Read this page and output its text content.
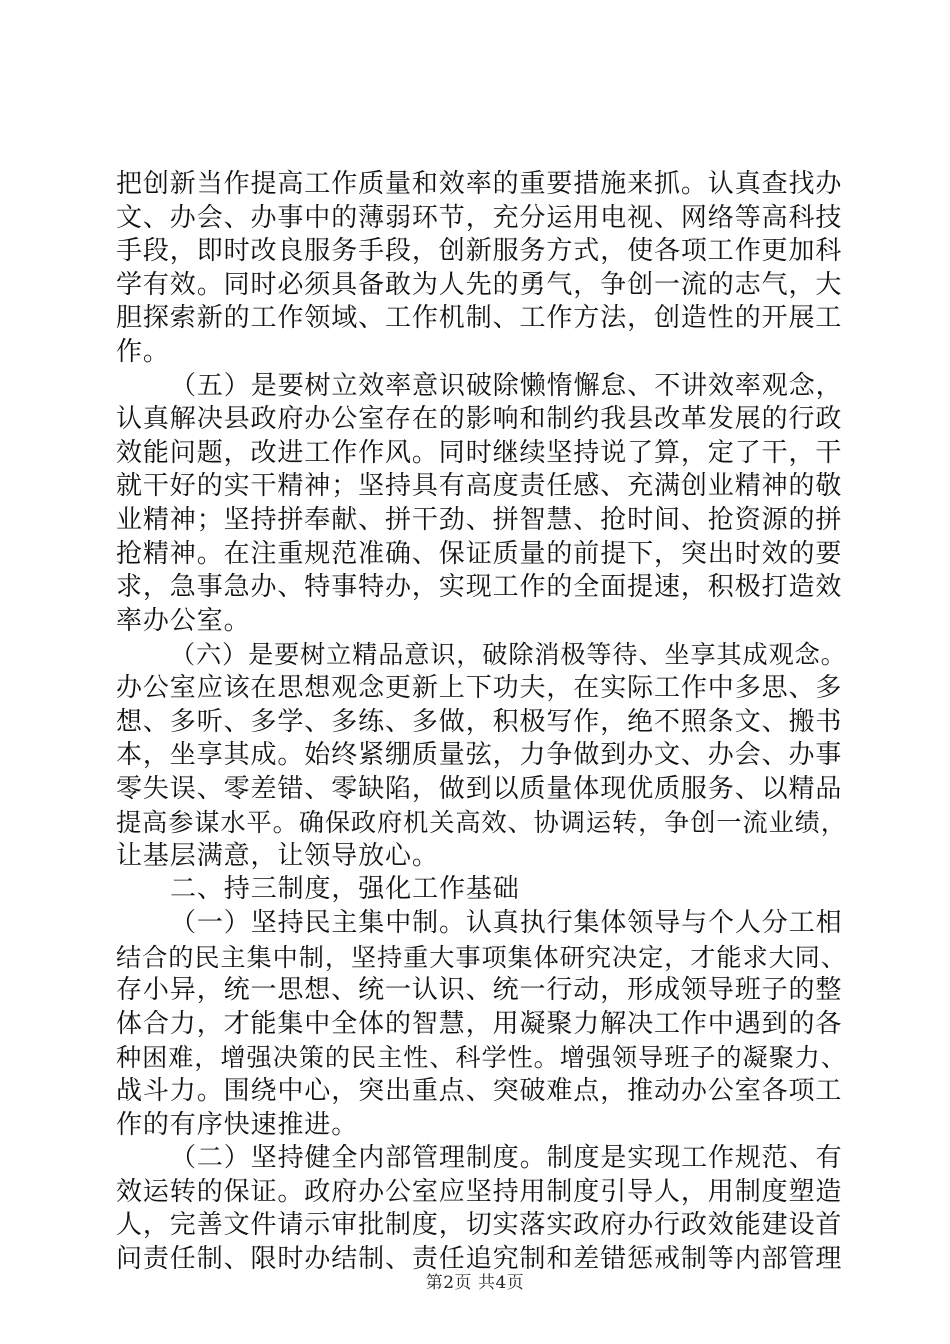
把创新当作提高工作质量和效率的重要措施来抓。认真查找办
文、办会、办事中的薄弱环节，充分运用电视、网络等高科技
手段，即时改良服务手段，创新服务方式，使各项工作更加科
学有效。同时必须具备敢为人先的勇气，争创一流的志气，大
胆探索新的工作领域、工作机制、工作方法，创造性的开展工
作。
（五）是要树立效率意识破除懒惰懈怠、不讲效率观念，
认真解决县政府办公室存在的影响和制约我县改革发展的行政
效能问题，改进工作作风。同时继续坚持说了算，定了干，干
就干好的实干精神；坚持具有高度责任感、充满创业精神的敬
业精神；坚持拼奉献、拼干劲、拼智慧、抢时间、抢资源的拼
抢精神。在注重规范准确、保证质量的前提下，突出时效的要
求，急事急办、特事特办，实现工作的全面提速，积极打造效
率办公室。
（六）是要树立精品意识，破除消极等待、坐享其成观念。
办公室应该在思想观念更新上下功夫，在实际工作中多思、多
想、多听、多学、多练、多做，积极写作，绝不照条文、搬书
本，坐享其成。始终紧绷质量弦，力争做到办文、办会、办事
零失误、零差错、零缺陷，做到以质量体现优质服务、以精品
提高参谋水平。确保政府机关高效、协调运转，争创一流业绩，
让基层满意，让领导放心。
二、持三制度，强化工作基础
（一）坚持民主集中制。认真执行集体领导与个人分工相
结合的民主集中制，坚持重大事项集体研究决定，才能求大同、
存小异，统一思想、统一认识、统一行动，形成领导班子的整
体合力，才能集中全体的智慧，用凝聚力解决工作中遇到的各
种困难，增强决策的民主性、科学性。增强领导班子的凝聚力、
战斗力。围绕中心，突出重点、突破难点，推动办公室各项工
作的有序快速推进。
（二）坚持健全内部管理制度。制度是实现工作规范、有
效运转的保证。政府办公室应坚持用制度引导人，用制度塑造
人，完善文件请示审批制度，切实落实政府办行政效能建设首
问责任制、限时办结制、责任追究制和差错惩戒制等内部管理
第2页 共4页
